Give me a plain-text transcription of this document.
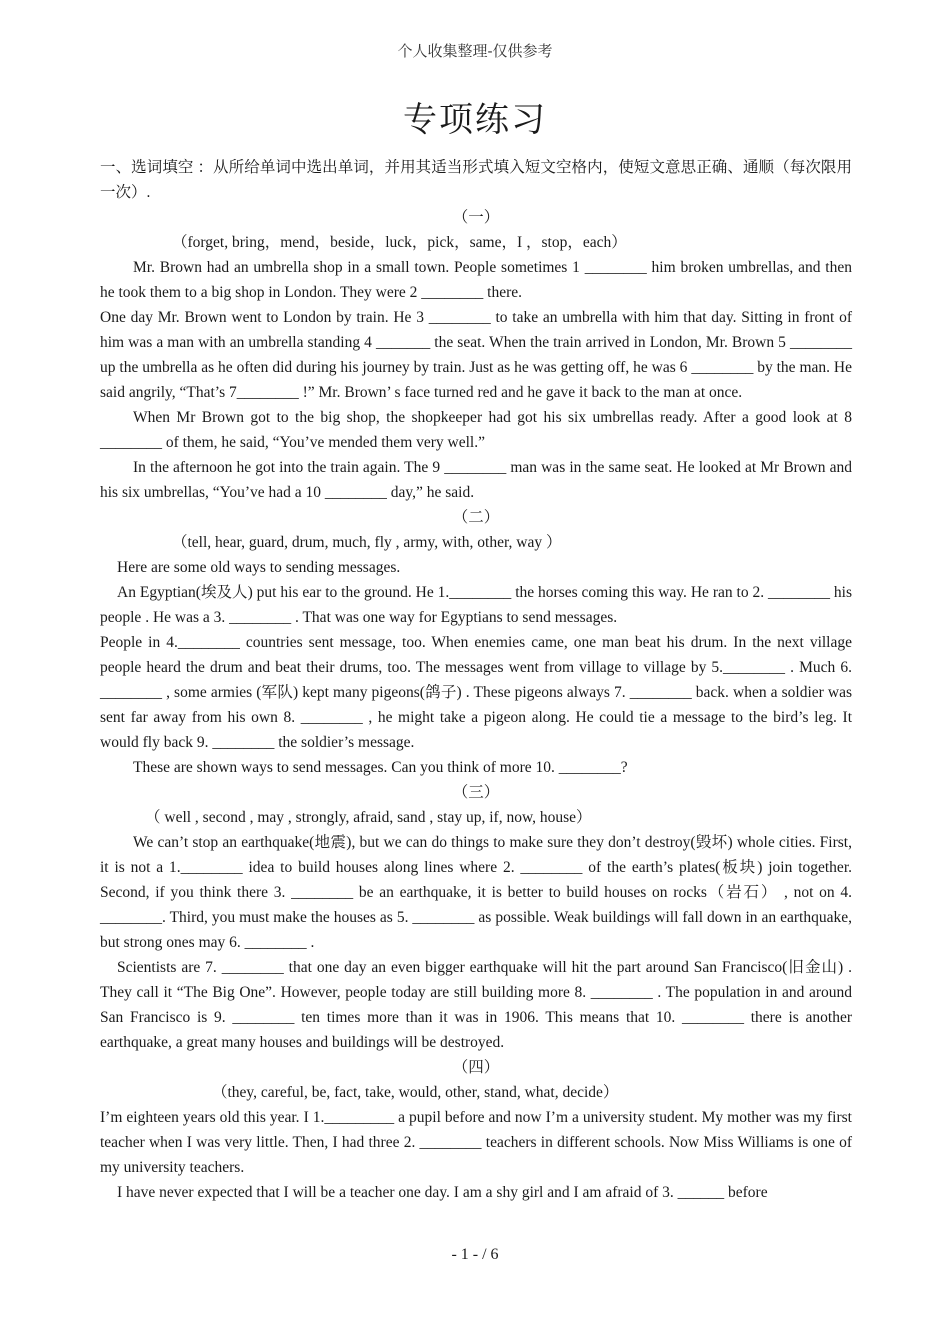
个人收集整理-仅供参考
专项练习

一、选词填空 ：从所给单词中选出单词，并用其适当形式填入短文空格内，使短文意思正确、通顺（每次限用一次）.

（一）

（forget, bring，mend，beside，luck，pick，same，I ，stop，each）

Mr. Brown had an umbrella shop in a small town. People sometimes 1 ________ him broken umbrellas, and then he took them to a big shop in London. They were 2 ________ there.

One day Mr. Brown went to London by train. He 3 ________ to take an umbrella with him that day. Sitting in front of him was a man with an umbrella standing 4 _______ the seat. When the train arrived in London, Mr. Brown 5 ________ up the umbrella as he often did during his journey by train. Just as he was getting off, he was 6 ________ by the man. He said angrily, “That’s 7________ !” Mr. Brown’ s face turned red and he gave it back to the man at once.

When Mr Brown got to the big shop, the shopkeeper had got his six umbrellas ready. After a good look at 8 ________ of them, he said, “You’ve mended them very well.”

In the afternoon he got into the train again. The 9 ________ man was in the same seat. He looked at Mr Brown and his six umbrellas, “You’ve had a 10 ________ day,” he said.

（二）

（tell, hear, guard, drum, much, fly , army, with, other, way ）

Here are some old ways to sending messages.

An Egyptian(埃及人) put his ear to the ground. He 1.________ the horses coming this way. He ran to 2. ________ his people . He was a 3. ________ . That was one way for Egyptians to send messages.

People in 4.________ countries sent message, too. When enemies came, one man beat his drum. In the next village people heard the drum and beat their drums, too. The messages went from village to village by 5.________ . Much 6. ________ , some armies (军队) kept many pigeons(鸽子) . These pigeons always 7. ________ back. when a soldier was sent far away from his own 8. ________ , he might take a pigeon along. He could tie a message to the bird’s leg. It would fly back 9. ________ the soldier’s message.

These are shown ways to send messages. Can you think of more 10. ________?

（三）

（ well , second , may , strongly, afraid, sand , stay up, if, now, house）

We can’t stop an earthquake(地震), but we can do things to make sure they don’t destroy(毁坏) whole cities. First, it is not a 1.________ idea to build houses along lines where 2. ________ of the earth’s plates(板块) join together. Second, if you think there 3. ________ be an earthquake, it is better to build houses on rocks（岩石） , not on 4. ________. Third, you must make the houses as 5. ________ as possible. Weak buildings will fall down in an earthquake, but strong ones may 6. ________ .

Scientists are 7. ________ that one day an even bigger earthquake will hit the part around San Francisco(旧金山) . They call it “The Big One”. However, people today are still building more 8. ________ . The population in and around San Francisco is 9. ________ ten times more than it was in 1906. This means that 10. ________ there is another earthquake, a great many houses and buildings will be destroyed.

（四）

（they, careful, be, fact, take, would, other, stand, what, decide）

I’m eighteen years old this year. I 1._________ a pupil before and now I’m a university student. My mother was my first teacher when I was very little. Then, I had three 2. ________ teachers in different schools. Now Miss Williams is one of my university teachers.

I have never expected that I will be a teacher one day. I am a shy girl and I am afraid of 3. ______ before

- 1 - / 6
